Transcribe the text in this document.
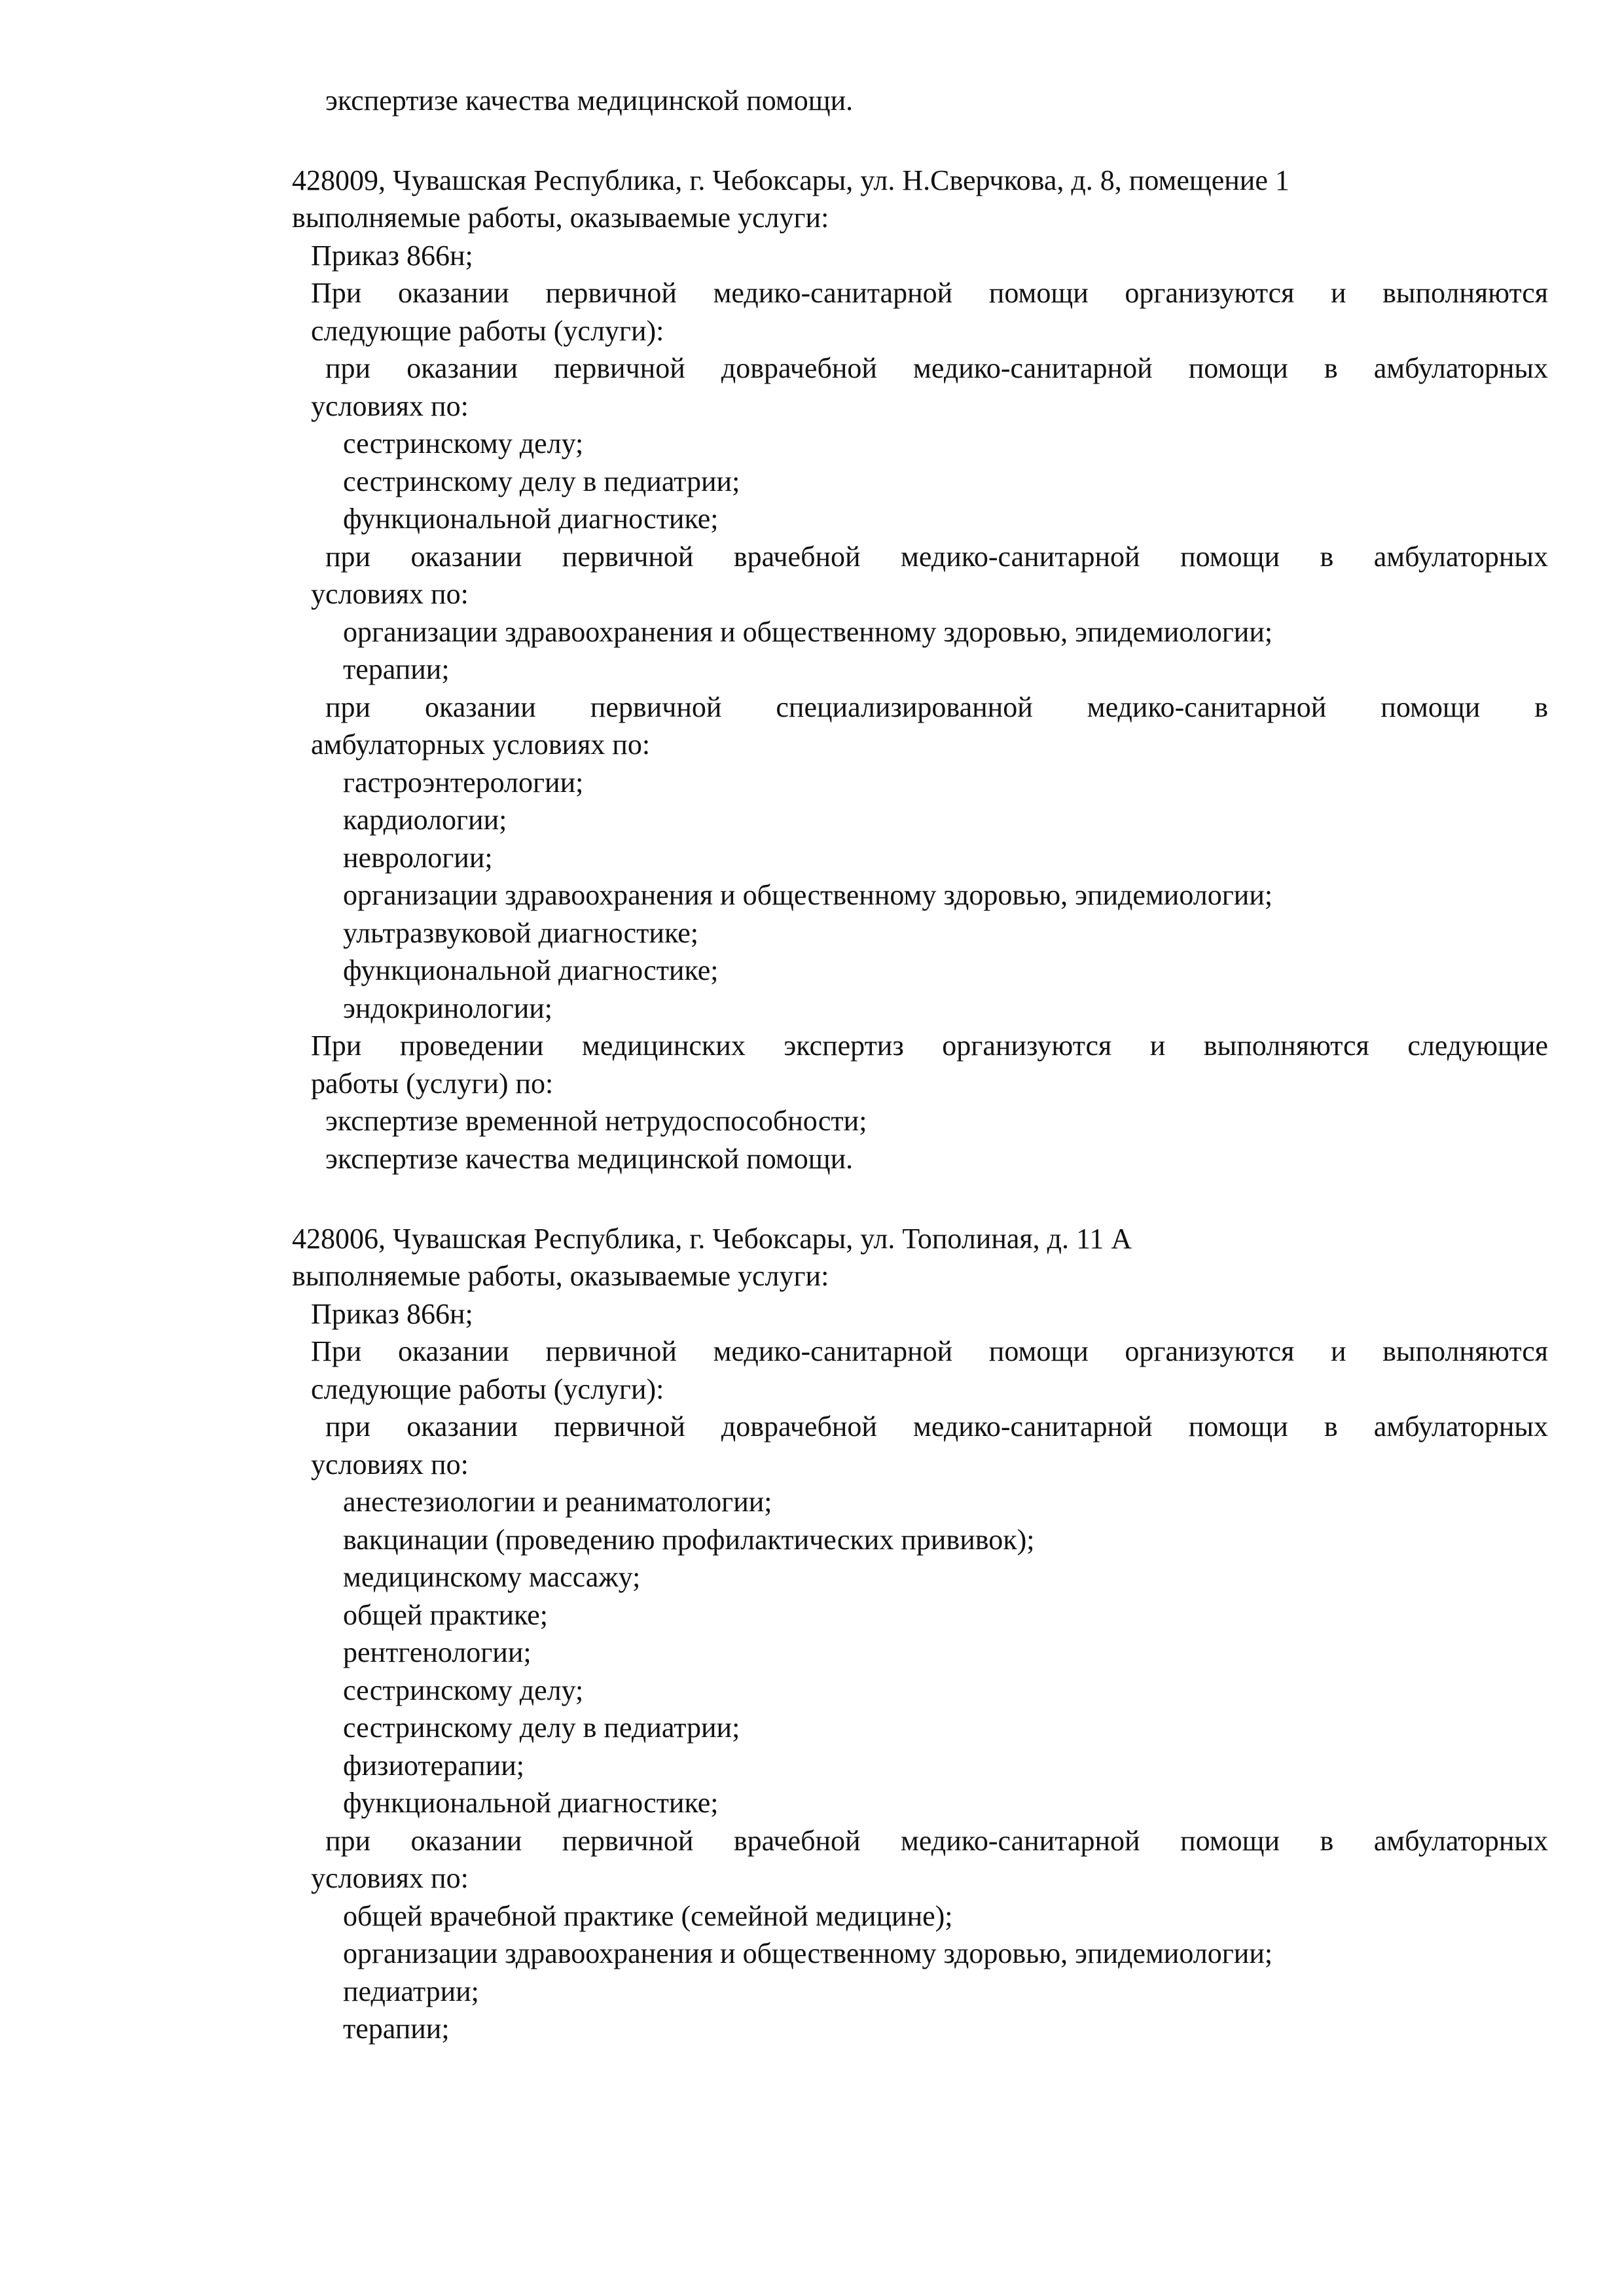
экспертизе качества медицинской помощи.
428009, Чувашская Республика, г. Чебоксары, ул. Н.Сверчкова, д. 8, помещение 1
выполняемые работы, оказываемые услуги:
Приказ 866н;
При оказании первичной медико-санитарной помощи организуются и выполняются
следующие работы (услуги):
при оказании первичной доврачебной медико-санитарной помощи в амбулаторных
условиях по:
сестринскому делу;
сестринскому делу в педиатрии;
функциональной диагностике;
при оказании первичной врачебной медико-санитарной помощи в амбулаторных
условиях по:
организации здравоохранения и общественному здоровью, эпидемиологии;
терапии;
при оказании первичной специализированной медико-санитарной помощи в
амбулаторных условиях по:
гастроэнтерологии;
кардиологии;
неврологии;
организации здравоохранения и общественному здоровью, эпидемиологии;
ультразвуковой диагностике;
функциональной диагностике;
эндокринологии;
При проведении медицинских экспертиз организуются и выполняются следующие
работы (услуги) по:
экспертизе временной нетрудоспособности;
экспертизе качества медицинской помощи.
428006, Чувашская Республика, г. Чебоксары, ул. Тополиная, д. 11 А
выполняемые работы, оказываемые услуги:
Приказ 866н;
При оказании первичной медико-санитарной помощи организуются и выполняются
следующие работы (услуги):
при оказании первичной доврачебной медико-санитарной помощи в амбулаторных
условиях по:
анестезиологии и реаниматологии;
вакцинации (проведению профилактических прививок);
медицинскому массажу;
общей практике;
рентгенологии;
сестринскому делу;
сестринскому делу в педиатрии;
физиотерапии;
функциональной диагностике;
при оказании первичной врачебной медико-санитарной помощи в амбулаторных
условиях по:
общей врачебной практике (семейной медицине);
организации здравоохранения и общественному здоровью, эпидемиологии;
педиатрии;
терапии;
